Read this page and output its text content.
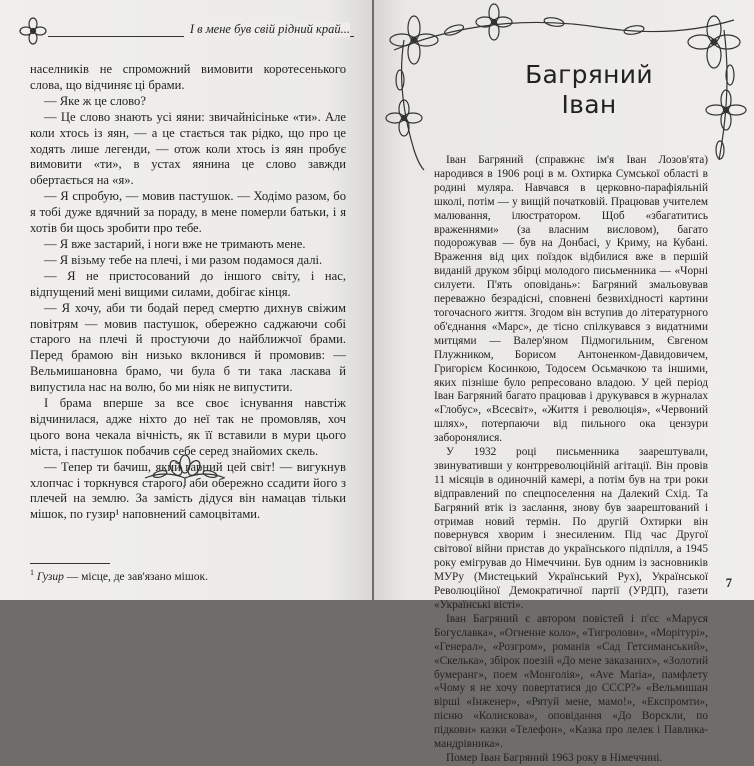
І в мене був свій рідний край...

населників не спроможний вимовити коротесенького слова, що відчиняє ці брами.

— Яке ж це слово?

— Це слово знають усі яяни: звичайнісіньке «ти». Але коли хтось із яян, — а це стається так рідко, що про це ходять лише легенди, — отож коли хтось із яян пробує вимовити «ти», в устах яянина це слово завжди обертається на «я».

— Я спробую, — мовив пастушок. — Ходімо разом, бо я тобі дуже вдячний за пораду, в мене померли батьки, і я хотів би щось зробити про тебе.

— Я вже застарий, і ноги вже не тримають мене.

— Я візьму тебе на плечі, і ми разом подамося далі.

— Я не пристосований до іншого світу, і нас, відпущений мені вищими силами, добігає кінця.

— Я хочу, аби ти бодай перед смертю дихнув свіжим повітрям — мовив пастушок, обережно саджаючи собі старого на плечі й простуючи до найближчої брами. Перед брамою він низько вклонився й промовив: — Вельмишановна брамо, чи була б ти така ласкава й випустила нас на волю, бо ми ніяк не випустити.

І брама вперше за все своє існування навстіж відчинилася, адже ніхто до неї так не промовляв, хоч цього вона чекала вічність, як її вставили в мури цього міста, і пастушок побачив себе серед знайомих скель.

— Тепер ти бачиш, який гарний цей світ! — вигукнув хлопчас і торкнувся старого, аби обережно ссадити його з плечей на землю. За замість дідуся він намацав тільки мішок, по гузир¹ наповнений самоцвітами.

$^1$ Гузир — місце, де зав'язано мішок.
Багряний
Іван

Іван Багряний (справжнє ім'я Іван Лозов'ята) народився в 1906 році в м. Охтирка Сумської області в родині муляра. Навчався в церковно-парафіяльній школі, потім — у вищій початковій. Працював учителем малювання, ілюстратором. Щоб «збагатитись враженнями» (за власним висловом), багато подорожував — був на Донбасі, у Криму, на Кубані. Враження від цих поїздок відбилися вже в першій виданій друком збірці молодого письменника — «Чорні силуети. П'ять оповідань»: Багряний змальовував переважно безрадісні, сповнені безвихідності картини тогочасного життя. Згодом він вступив до літературного об'єднання «Марс», де тісно спілкувався з видатними митцями — Валер'яном Підмогильним, Євгеном Плужником, Борисом Антоненком-Давидовичем, Григорієм Косинкою, Тодосем Осьмачкою та іншими, яких пізніше було репресовано владою. У цей період Іван Багряний багато працював і друкувався в журналах «Глобус», «Всесвіт», «Життя і революція», «Червоний шлях», потерпаючи від пильного ока цензури заборонялися.

У 1932 році письменника заарештували, звинувативши у контрреволюційній агітації. Він провів 11 місяців в одиночній камері, а потім був на три роки відправлений по спецпоселення на Далекий Схід. Та Багряний втік із заслання, знову був заарештований і отримав новий термін. По другій Охтирки він повернувся хворим і знесиленим. Під час Другої світової війни пристав до українського підпілля, а 1945 року емігрував до Німеччини. Був одним із засновників МУРу (Мистецький Український Рух), Української Революційної Демократичної партії (УРДП), газети «Українські вісті».

Іван Багряний є автором повістей і п'єс «Маруся Богуславка», «Огненне коло», «Тигролови», «Морітурі», «Генерал», «Розгром», романів «Сад Гетсиманський», «Скелька», збірок поезій «До мене заказаних», «Золотий бумеранг», поем «Монголія», «Ave Maria», памфлету «Чому я не хочу повертатися до СССР?» «Вельмишан вірші «Інженер», «Рятуй мене, мамо!», «Експромти», пісню «Колискова», оповідання «До Ворскли, по підкови» казки «Телефон», «Казка про лелек і Павлика-мандрівника».

Помер Іван Багряний 1963 року в Німеччині.

7
